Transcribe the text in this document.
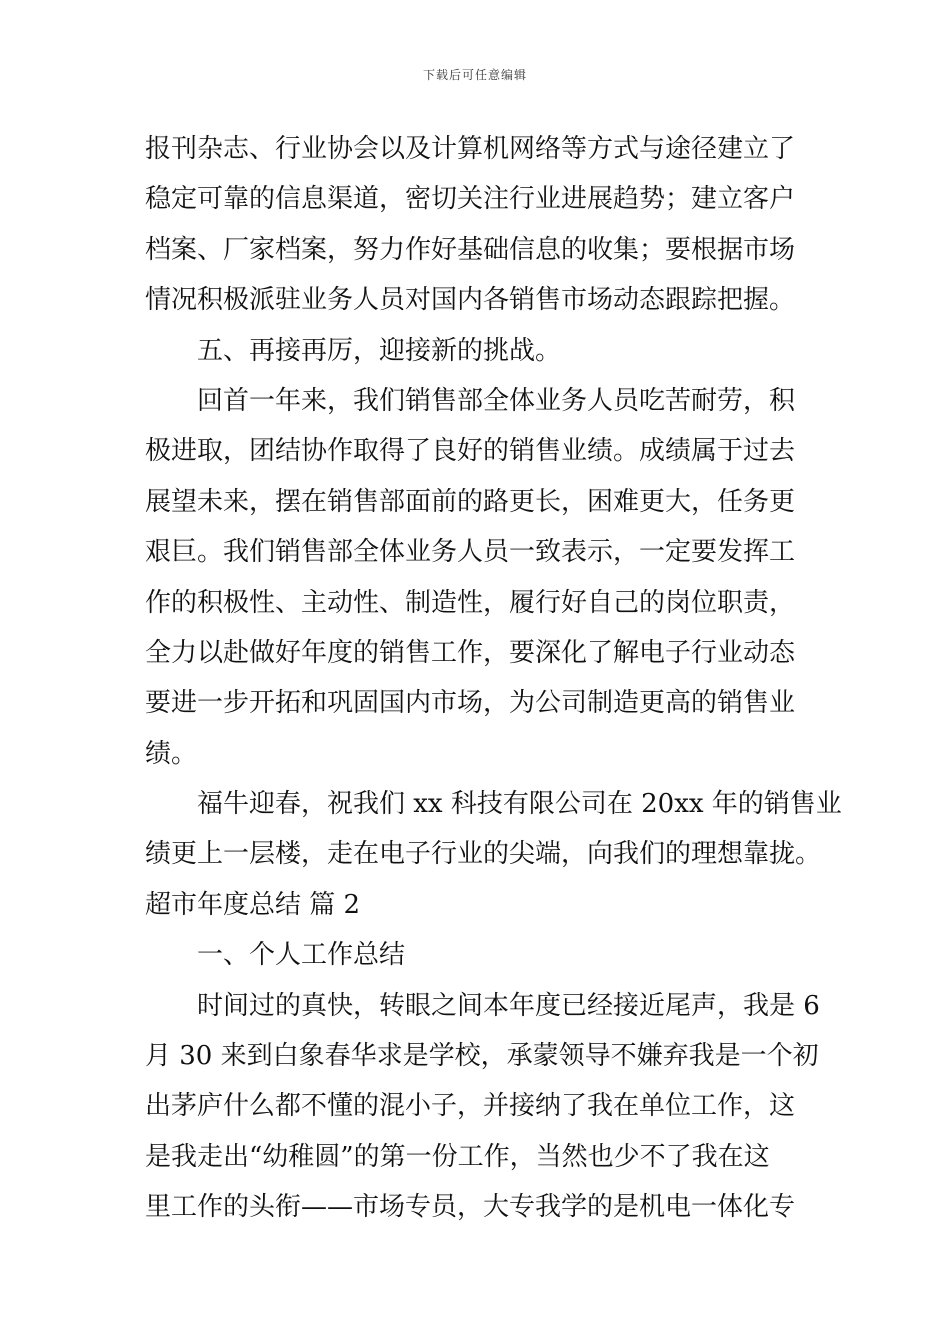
下载后可任意编辑
报刊杂志、行业协会以及计算机网络等方式与途径建立了
稳定可靠的信息渠道，密切关注行业进展趋势；建立客户
档案、厂家档案，努力作好基础信息的收集；要根据市场
情况积极派驻业务人员对国内各销售市场动态跟踪把握。
五、再接再厉，迎接新的挑战。
回首一年来，我们销售部全体业务人员吃苦耐劳，积
极进取，团结协作取得了良好的销售业绩。成绩属于过去
展望未来，摆在销售部面前的路更长，困难更大，任务更
艰巨。我们销售部全体业务人员一致表示，一定要发挥工
作的积极性、主动性、制造性，履行好自己的岗位职责，
全力以赴做好年度的销售工作，要深化了解电子行业动态
要进一步开拓和巩固国内市场，为公司制造更高的销售业
绩。
福牛迎春，祝我们 xx 科技有限公司在 20xx 年的销售业
绩更上一层楼，走在电子行业的尖端，向我们的理想靠拢。
超市年度总结 篇 2
一、个人工作总结
时间过的真快，转眼之间本年度已经接近尾声，我是 6
月 30 来到白象春华求是学校，承蒙领导不嫌弃我是一个初
出茅庐什么都不懂的混小子，并接纳了我在单位工作，这
是我走出“幼稚圆”的第一份工作，当然也少不了我在这
里工作的头衔——市场专员，大专我学的是机电一体化专
